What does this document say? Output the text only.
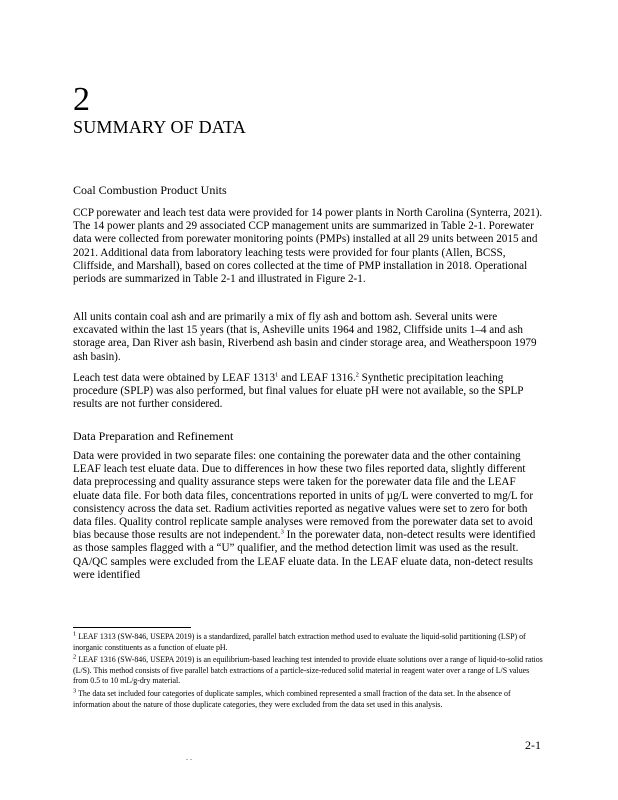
2
SUMMARY OF DATA
Coal Combustion Product Units

CCP porewater and leach test data were provided for 14 power plants in North Carolina (Synterra, 2021). The 14 power plants and 29 associated CCP management units are summarized in Table 2-1. Porewater data were collected from porewater monitoring points (PMPs) installed at all 29 units between 2015 and 2021. Additional data from laboratory leaching tests were provided for four plants (Allen, BCSS, Cliffside, and Marshall), based on cores collected at the time of PMP installation in 2018. Operational periods are summarized in Table 2-1 and illustrated in Figure 2-1.

All units contain coal ash and are primarily a mix of fly ash and bottom ash. Several units were excavated within the last 15 years (that is, Asheville units 1964 and 1982, Cliffside units 1–4 and ash storage area, Dan River ash basin, Riverbend ash basin and cinder storage area, and Weatherspoon 1979 ash basin).

Leach test data were obtained by LEAF 1313$^1$ and LEAF 1316.$^2$ Synthetic precipitation leaching procedure (SPLP) was also performed, but final values for eluate pH were not available, so the SPLP results are not further considered.

Data Preparation and Refinement

Data were provided in two separate files: one containing the porewater data and the other containing LEAF leach test eluate data. Due to differences in how these two files reported data, slightly different data preprocessing and quality assurance steps were taken for the porewater data file and the LEAF eluate data file. For both data files, concentrations reported in units of µg/L were converted to mg/L for consistency across the data set. Radium activities reported as negative values were set to zero for both data files. Quality control replicate sample analyses were removed from the porewater data set to avoid bias because those results are not independent.$^3$ In the porewater data, non-detect results were identified as those samples flagged with a “U” qualifier, and the method detection limit was used as the result. QA/QC samples were excluded from the LEAF eluate data. In the LEAF eluate data, non-detect results were identified

$^1$ LEAF 1313 (SW-846, USEPA 2019) is a standardized, parallel batch extraction method used to evaluate the liquid-solid partitioning (LSP) of inorganic constituents as a function of eluate pH.

$^2$ LEAF 1316 (SW-846, USEPA 2019) is an equilibrium-based leaching test intended to provide eluate solutions over a range of liquid-to-solid ratios (L/S). This method consists of five parallel batch extractions of a particle-size-reduced solid material in reagent water over a range of L/S values from 0.5 to 10 mL/g-dry material.

$^3$ The data set included four categories of duplicate samples, which combined represented a small fraction of the data set. In the absence of information about the nature of those duplicate categories, they were excluded from the data set used in this analysis.

2-1
. .
